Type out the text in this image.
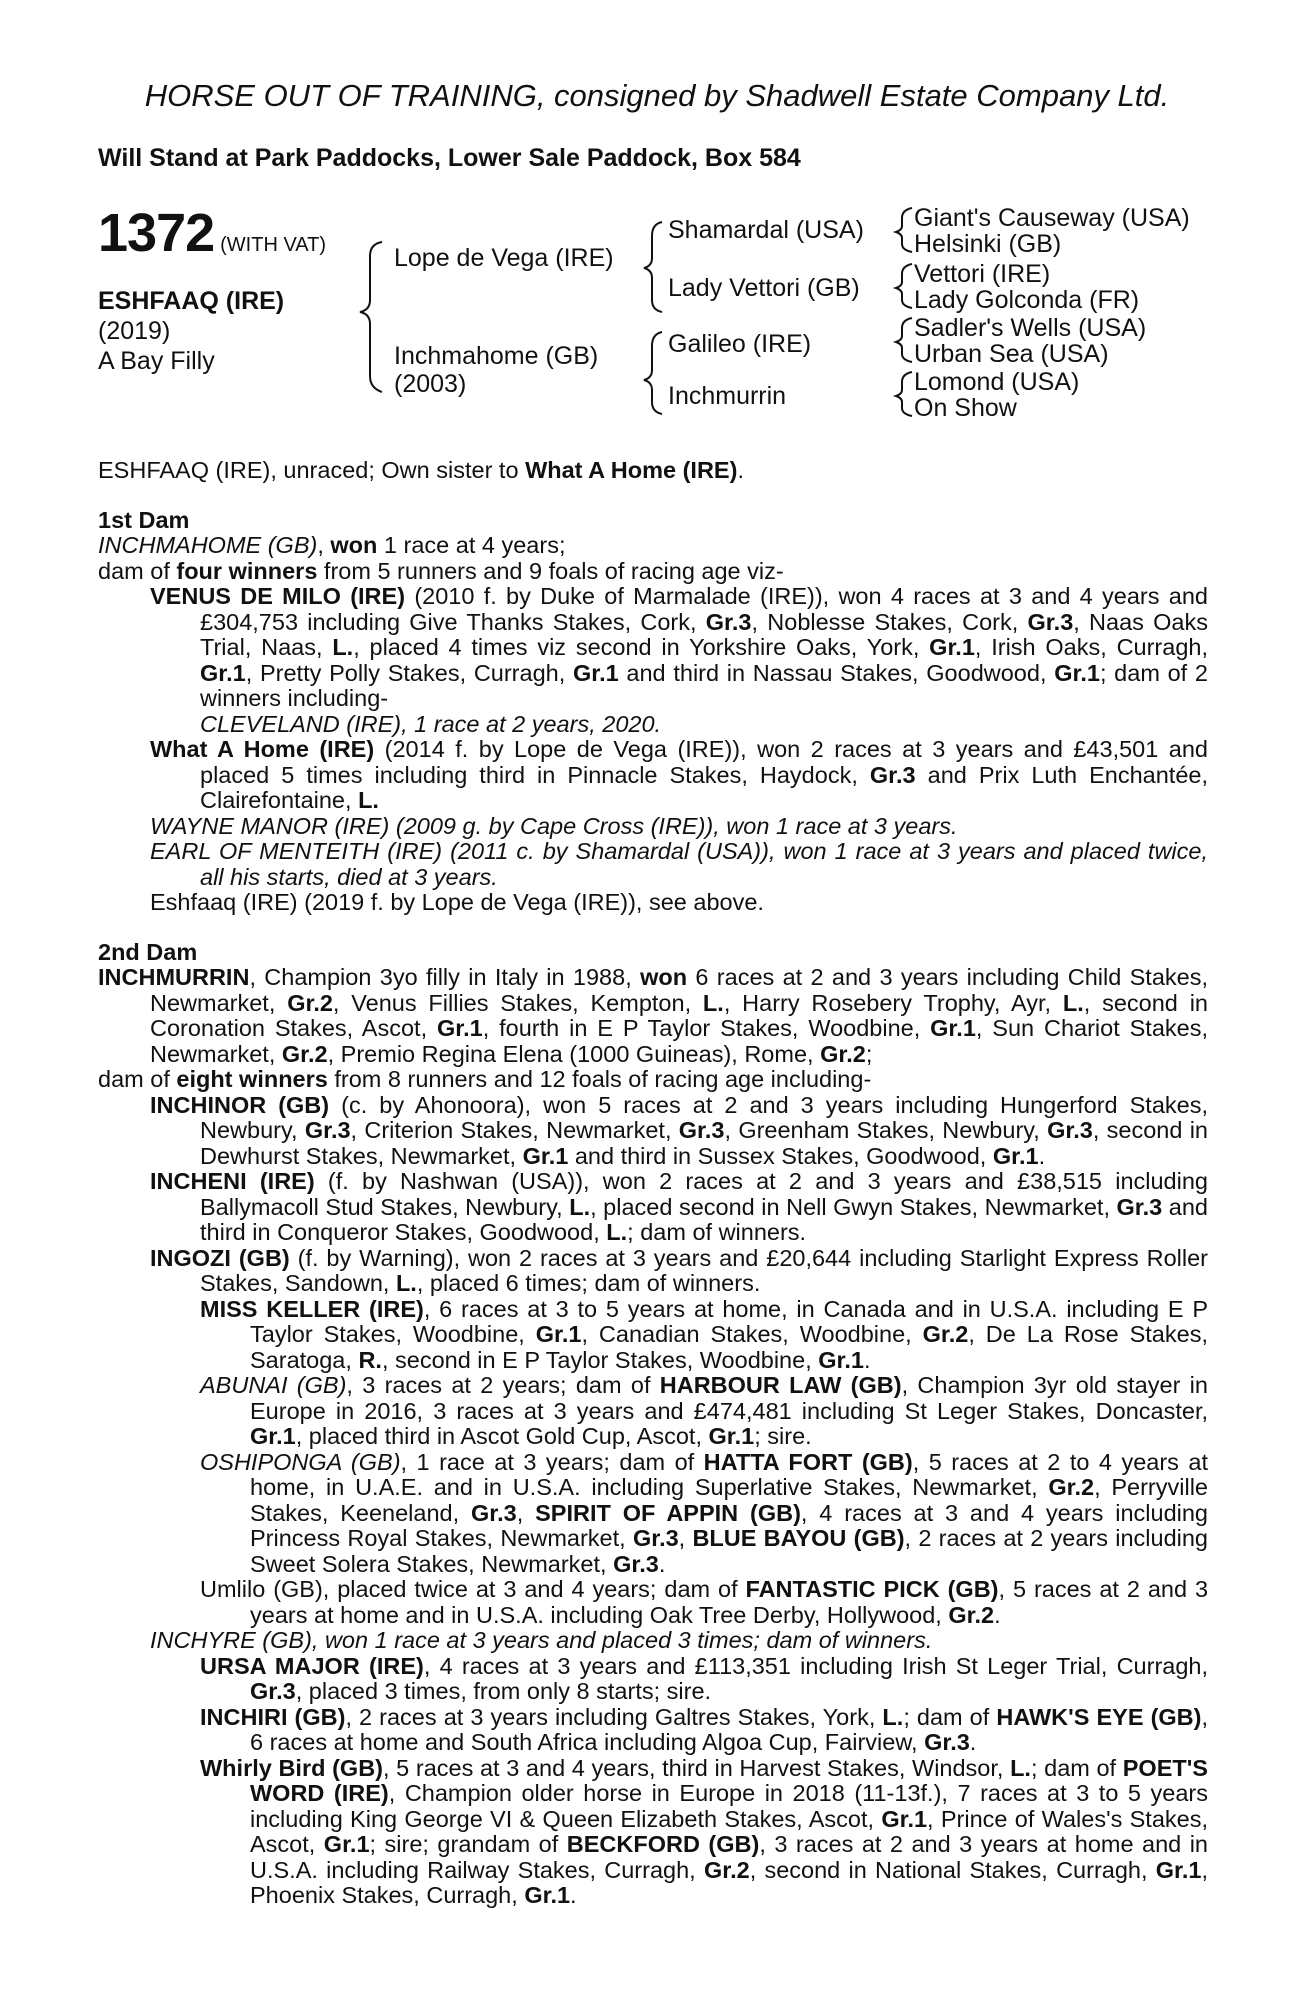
HORSE OUT OF TRAINING, consigned by Shadwell Estate Company Ltd.
Will Stand at Park Paddocks, Lower Sale Paddock, Box 584
1372 (WITH VAT)
ESHFAAQ (IRE)
(2019)
A Bay Filly
Lope de Vega (IRE)
Inchmahome (GB)
(2003)
Shamardal (USA)
Lady Vettori (GB)
Galileo (IRE)
Inchmurrin
Giant's Causeway (USA)
Helsinki (GB)
Vettori (IRE)
Lady Golconda (FR)
Sadler's Wells (USA)
Urban Sea (USA)
Lomond (USA)
On Show

ESHFAAQ (IRE), unraced; Own sister to What A Home (IRE).

1st Dam

INCHMAHOME (GB), won 1 race at 4 years;

dam of four winners from 5 runners and 9 foals of racing age viz-

VENUS DE MILO (IRE) (2010 f. by Duke of Marmalade (IRE)), won 4 races at 3 and 4 years and £304,753 including Give Thanks Stakes, Cork, Gr.3, Noblesse Stakes, Cork, Gr.3, Naas Oaks Trial, Naas, L., placed 4 times viz second in Yorkshire Oaks, York, Gr.1, Irish Oaks, Curragh, Gr.1, Pretty Polly Stakes, Curragh, Gr.1 and third in Nassau Stakes, Goodwood, Gr.1; dam of 2 winners including-

CLEVELAND (IRE), 1 race at 2 years, 2020.

What A Home (IRE) (2014 f. by Lope de Vega (IRE)), won 2 races at 3 years and £43,501 and placed 5 times including third in Pinnacle Stakes, Haydock, Gr.3 and Prix Luth Enchantée, Clairefontaine, L.

WAYNE MANOR (IRE) (2009 g. by Cape Cross (IRE)), won 1 race at 3 years.

EARL OF MENTEITH (IRE) (2011 c. by Shamardal (USA)), won 1 race at 3 years and placed twice, all his starts, died at 3 years.

Eshfaaq (IRE) (2019 f. by Lope de Vega (IRE)), see above.

2nd Dam

INCHMURRIN, Champion 3yo filly in Italy in 1988, won 6 races at 2 and 3 years including Child Stakes, Newmarket, Gr.2, Venus Fillies Stakes, Kempton, L., Harry Rosebery Trophy, Ayr, L., second in Coronation Stakes, Ascot, Gr.1, fourth in E P Taylor Stakes, Woodbine, Gr.1, Sun Chariot Stakes, Newmarket, Gr.2, Premio Regina Elena (1000 Guineas), Rome, Gr.2;

dam of eight winners from 8 runners and 12 foals of racing age including-

INCHINOR (GB) (c. by Ahonoora), won 5 races at 2 and 3 years including Hungerford Stakes, Newbury, Gr.3, Criterion Stakes, Newmarket, Gr.3, Greenham Stakes, Newbury, Gr.3, second in Dewhurst Stakes, Newmarket, Gr.1 and third in Sussex Stakes, Goodwood, Gr.1.

INCHENI (IRE) (f. by Nashwan (USA)), won 2 races at 2 and 3 years and £38,515 including Ballymacoll Stud Stakes, Newbury, L., placed second in Nell Gwyn Stakes, Newmarket, Gr.3 and third in Conqueror Stakes, Goodwood, L.; dam of winners.

INGOZI (GB) (f. by Warning), won 2 races at 3 years and £20,644 including Starlight Express Roller Stakes, Sandown, L., placed 6 times; dam of winners.

MISS KELLER (IRE), 6 races at 3 to 5 years at home, in Canada and in U.S.A. including E P Taylor Stakes, Woodbine, Gr.1, Canadian Stakes, Woodbine, Gr.2, De La Rose Stakes, Saratoga, R., second in E P Taylor Stakes, Woodbine, Gr.1.

ABUNAI (GB), 3 races at 2 years; dam of HARBOUR LAW (GB), Champion 3yr old stayer in Europe in 2016, 3 races at 3 years and £474,481 including St Leger Stakes, Doncaster, Gr.1, placed third in Ascot Gold Cup, Ascot, Gr.1; sire.

OSHIPONGA (GB), 1 race at 3 years; dam of HATTA FORT (GB), 5 races at 2 to 4 years at home, in U.A.E. and in U.S.A. including Superlative Stakes, Newmarket, Gr.2, Perryville Stakes, Keeneland, Gr.3, SPIRIT OF APPIN (GB), 4 races at 3 and 4 years including Princess Royal Stakes, Newmarket, Gr.3, BLUE BAYOU (GB), 2 races at 2 years including Sweet Solera Stakes, Newmarket, Gr.3.

Umlilo (GB), placed twice at 3 and 4 years; dam of FANTASTIC PICK (GB), 5 races at 2 and 3 years at home and in U.S.A. including Oak Tree Derby, Hollywood, Gr.2.

INCHYRE (GB), won 1 race at 3 years and placed 3 times; dam of winners.

URSA MAJOR (IRE), 4 races at 3 years and £113,351 including Irish St Leger Trial, Curragh, Gr.3, placed 3 times, from only 8 starts; sire.

INCHIRI (GB), 2 races at 3 years including Galtres Stakes, York, L.; dam of HAWK'S EYE (GB), 6 races at home and South Africa including Algoa Cup, Fairview, Gr.3.

Whirly Bird (GB), 5 races at 3 and 4 years, third in Harvest Stakes, Windsor, L.; dam of POET'S WORD (IRE), Champion older horse in Europe in 2018 (11-13f.), 7 races at 3 to 5 years including King George VI & Queen Elizabeth Stakes, Ascot, Gr.1, Prince of Wales's Stakes, Ascot, Gr.1; sire; grandam of BECKFORD (GB), 3 races at 2 and 3 years at home and in U.S.A. including Railway Stakes, Curragh, Gr.2, second in National Stakes, Curragh, Gr.1, Phoenix Stakes, Curragh, Gr.1.
